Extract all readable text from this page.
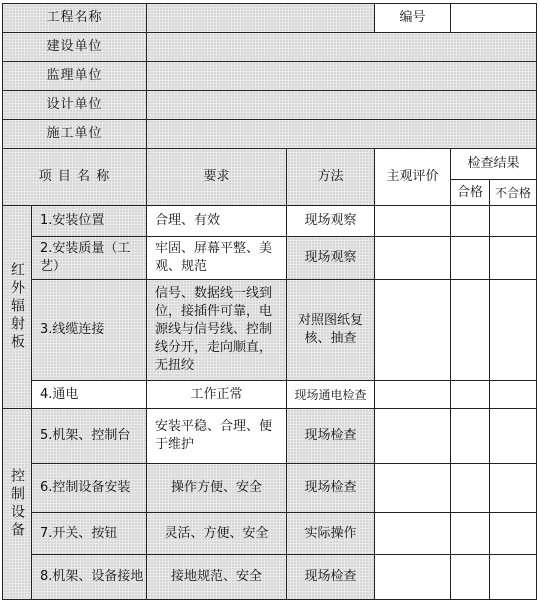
工程名称				编号		
建设单位						
监理单位						
设计单位						
施工单位						
项 目 名 称		要求	方法	主观评价	检查结果	
					合格	不合格

红外辐射板	1.安装位置	合理、有效	现场观察			
	2.安装质量（工艺）	牢固、屏幕平整、美观、规范	现场观察			
	3.线缆连接	信号、数据线一线到位，接插件可靠，电源线与信号线、控制线分开，走向顺直，无扭绞	对照图纸复核、抽查			
	4.通电	工作正常	现场通电检查			

控制设备	5.机架、控制台	安装平稳、合理、便于维护	现场检查			
	6.控制设备安装	操作方便、安全	现场检查			
	7.开关、按钮	灵活、方便、安全	实际操作			
	8.机架、设备接地	接地规范、安全	现场检查			
